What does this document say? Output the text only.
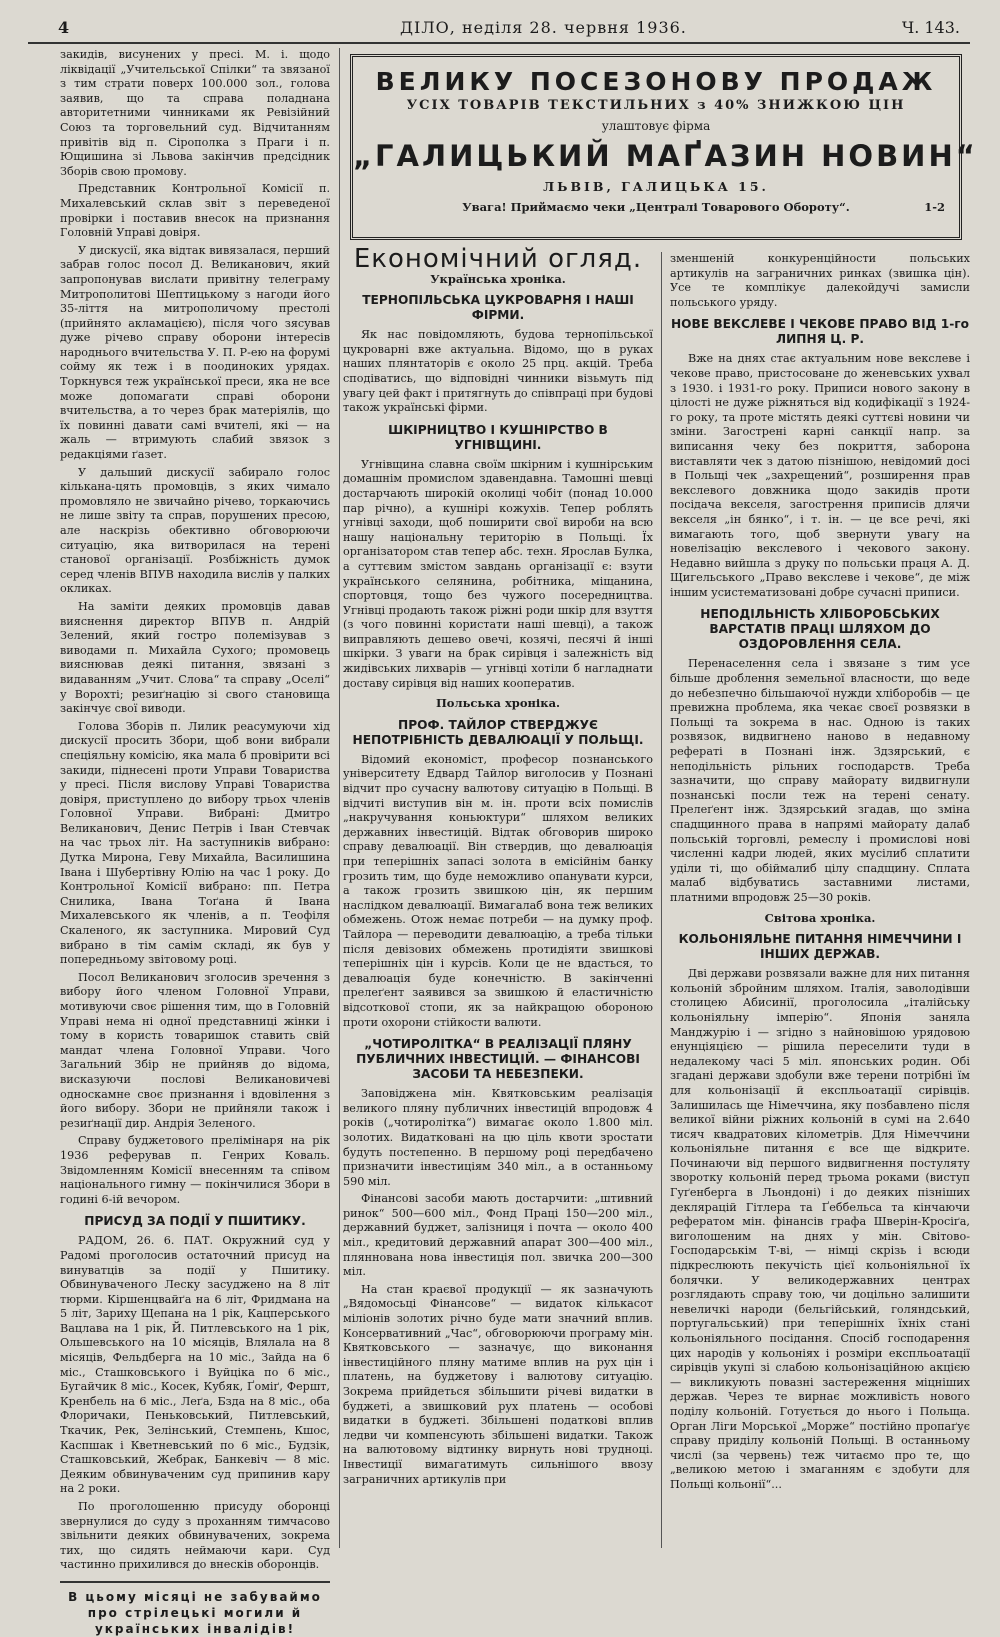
4	ДІЛО, неділя 28. червня 1936.	Ч. 143.

закидів, висунених у пресі. М. і. щодо ліквідації „Учительської Спілки“ та звязаної з тим страти поверх 100.000 зол., голова заявив, що та справа поладнана авторитетними чинниками як Ревізійний Союз та торговельний суд. Відчитанням привітів від п. Сірополка з Праги і п. Ющишина зі Львова закінчив предсідник Зборів свою промову.

Представник Контрольної Комісії п. Михалевський склав звіт з переведеної провірки і поставив внесок на признання Головній Управі довіря.

У дискусії, яка відтак вивязалася, перший забрав голос посол Д. Великанович, який запропонував вислати привітну телеграму Митрополитові Шептицькому з нагоди його 35-ліття на митрополичому престолі (прийнято акламацією), після чого зясував дуже річево справу оборони інтересів народнього вчительства У. П. Р-ею на форумі сойму як теж і в поодиноких урядах. Торкнувся теж української преси, яка не все може допомагати справі оборони вчительства, а то через брак матеріялів, що їх повинні давати самі вчителі, які — на жаль — втримують слабий звязок з редакціями ґазет.

У дальший дискусії забирало голос кількана-цять промовців, з яких чимало промовляло не звичайно річево, торкаючись не лише звіту та справ, порушених пресою, але наскрізь обективно обговорюючи ситуацію, яка витворилася на терені станової організації. Розбіжність думок серед членів ВПУВ находила вислів у палких окликах.

На заміти деяких промовців давав вияснення директор ВПУВ п. Андрій Зелений, який гостро полемізував з виводами п. Михайла Сухого; промовець вияснював деякі питання, звязані з видаванням „Учит. Слова“ та справу „Оселі“ у Ворохті; резиґнацію зі свого становища закінчує свої виводи.

Голова Зборів п. Лилик реасумуючи хід дискусії просить Збори, щоб вони вибрали спеціяльну комісію, яка мала б провірити всі закиди, піднесені проти Управи Товариства у пресі. Після вислову Управі Товариства довіря, приступлено до вибору трьох членів Головної Управи. Вибрані: Дмитро Великанович, Денис Петрів і Іван Стевчак на час трьох літ. На заступників вибрано: Дутка Мирона, Геву Михайла, Василишина Івана і Шубертівну Юлію на час 1 року. До Контрольної Комісії вибрано: пп. Петра Снилика, Івана Тоґана й Івана Михалевського як членів, а п. Теофіля Скаленого, як заступника. Мировий Суд вибрано в тім самім складі, як був у попередньому звітовому році.

Посол Великанович зголосив зречення з вибору його членом Головної Управи, мотивуючи своє рішення тим, що в Головній Управі нема ні одної представниці жінки і тому в користь товаришок ставить свій мандат члена Головної Управи. Чого Загальний Збір не прийняв до відома, висказуючи послові Великановичеві односкамне своє признання і вдовілення з його вибору. Збори не прийняли також і резиґнації дир. Андрія Зеленого.

Справу буджетового прелімінаря на рік 1936 реферував п. Генрих Коваль. Звідомленням Комісії внесенням та співом національного гимну — покінчилися Збори в годині 6-ій вечором.

ПРИСУД ЗА ПОДІЇ У ПШИТИКУ.

РАДОМ, 26. 6. ПАТ. Окружний суд у Радомі проголосив остаточний присуд на винуватців за події у Пшитику. Обвинуваченого Леску засуджено на 8 літ тюрми. Кіршенцвайґа на 6 літ, Фридмана на 5 літ, Зариху Щепана на 1 рік, Кацперського Вацлава на 1 рік, Й. Питлевського на 1 рік, Ольшевського на 10 місяців, Влялала на 8 місяців, Фельдберга на 10 міс., Зайда на 6 міс., Сташковського і Вуйціка по 6 міс., Бугайчик 8 міс., Косек, Кубяк, Ґоміґ, Фершт, Кренбель на 6 міс., Леґа, Бзда на 8 міс., оба Флоричаки, Пеньковський, Питлевський, Ткачик, Рек, Зелінський, Стемпень, Кшос, Каспшак і Кветневський по 6 міс., Будзік, Сташковський, Жебрак, Банкевіч — 8 міс. Деяким обвинуваченим суд припинив кару на 2 роки.

По проголошенню присуду оборонці звернулися до суду з проханням тимчасово звільнити деяких обвинувачених, зокрема тих, що сидять неймаючи кари. Суд частинно прихилився до внесків оборонців.

В цьому місяці не забуваймо про стрілецькі могили й українських інвалідів!
ВЕЛИКУ ПОСЕЗОНОВУ ПРОДАЖ
УСІХ ТОВАРІВ ТЕКСТИЛЬНИХ з 40% ЗНИЖКОЮ ЦІН
улаштовує фірма
„ГАЛИЦЬКИЙ МАҐАЗИН НОВИН“
ЛЬВІВ, ГАЛИЦЬКА 15.
Увага! Приймаємо чеки „Централі Товарового Обороту“.	1-2
Економічний огляд.
Українська хроніка.
ТЕРНОПІЛЬСЬКА ЦУКРОВАРНЯ І НАШІ ФІРМИ.

Як нас повідомляють, будова тернопільської цукроварні вже актуальна. Відомо, що в руках наших плянтаторів є около 25 прц. акцій. Треба сподіватись, що відповідні чинники візьмуть під увагу цей факт і притягнуть до співпраці при будові також українські фірми.

ШКІРНИЦТВО І КУШНІРСТВО В УГНІВЩИНІ.

Угнівщина славна своїм шкірним і кушнірським домашнім промислом здавендавна. Тамошні шевці достарчають широкій околиці чобіт (понад 10.000 пар річно), а кушнірі кожухів. Тепер роблять угнівці заходи, щоб поширити свої вироби на всю нашу національну територію в Польщі. Їх організатором став тепер абс. техн. Ярослав Булка, а суттєвим змістом завдань організації є: взути українського селянина, робітника, міщанина, спортовця, тощо без чужого посередництва. Угнівці продають також ріжні роди шкір для взуття (з чого повинні користати наші шевці), а також виправляють дешево овечі, козячі, песячі й інші шкірки. З уваги на брак сирівця і залежність від жидівських лихварів — угнівці хотіли б нагладнати доставу сирівця від наших кооператив.

Польська хроніка.
ПРОФ. ТАЙЛОР СТВЕРДЖУЄ НЕПОТРІБНІСТЬ ДЕВАЛЮАЦІЇ У ПОЛЬЩІ.

Відомий економіст, професор познанського університету Едвард Тайлор виголосив у Познані відчит про сучасну валютову ситуацію в Польщі. В відчиті виступив він м. ін. проти всіх помислів „накручування коньюктури“ шляхом великих державних інвестицій. Відтак обговорив широко справу девалюації. Він ствердив, що девалюація при теперішніх запасі золота в емісійнім банку грозить тим, що буде неможливо опанувати курси, а також грозить звишкою цін, як першим наслідком девалюації. Вимагалаб вона теж великих обмежень. Отож немає потреби — на думку проф. Тайлора — переводити девалюацію, а треба тільки після девізових обмежень протидіяти звишкові теперішніх цін і курсів. Коли це не вдасться, то девалюація буде конечністю. В закінченні прелеґент заявився за звишкою й еластичністю відсоткової стопи, як за найкращою обороною проти охорони стійкости валюти.

„ЧОТИРОЛІТКА“ В РЕАЛІЗАЦІЇ ПЛЯНУ ПУБЛИЧНИХ ІНВЕСТИЦІЙ. — ФІНАНСОВІ ЗАСОБИ ТА НЕБЕЗПЕКИ.

Заповіджена мін. Квятковським реалізація великого пляну публичних інвестицій впродовж 4 років („чотиролітка“) вимагає около 1.800 міл. золотих. Видатковані на цю ціль квоти зростати будуть постепенно. В першому році передбачено призначити інвестиціям 340 міл., а в останньому 590 міл.

Фінансові засоби мають достарчити: „штивний ринок“ 500—600 міл., Фонд Праці 150—200 міл., державний буджет, залізниця і почта — около 400 міл., кредитовий державний апарат 300—400 міл., пляннована нова інвестиція пол. звичка 200—300 міл.

На стан краєвої продукції — як зазначують „Вядомосьці Фінансове“ — видаток кількасот міліонів золотих річно буде мати значний вплив. Консервативний „Час“, обговорюючи програму мін. Квятковського — зазначує, що виконання інвестиційного пляну матиме вплив на рух цін і платень, на буджетову і валютову ситуацію. Зокрема прийдеться збільшити річеві видатки в буджеті, а звишковий рух платень — особові видатки в буджеті. Збільшені податкові вплив ледви чи компенсують збільшені видатки. Також на валютовому відтинку вирнуть нові трудноці. Інвестиції вимагатимуть сильнішого ввозу заграничних артикулів при

зменшеній конкуренційности польських артикулів на заграничних ринках (звишка цін). Усе те комплікує далекойдучі замисли польського уряду.

НОВЕ ВЕКСЛЕВЕ І ЧЕКОВЕ ПРАВО ВІД 1-го ЛИПНЯ Ц. Р.

Вже на днях стає актуальним нове векслеве і чекове право, пристосоване до женевських ухвал з 1930. і 1931-го року. Приписи нового закону в цілості не дуже ріжняться від кодифікації з 1924-го року, та проте містять деякі суттєві новини чи зміни. Загострені карні санкції напр. за виписання чеку без покриття, заборона виставляти чек з датою пізнішою, невідомий досі в Польщі чек „захрещений“, розширення прав векслевого довжника щодо закидів проти посідача векселя, загострення приписів длячи векселя „ін бянко“, і т. ін. — це все речі, які вимагають того, щоб звернути увагу на новелізацію векслевого і чекового закону. Недавно вийшла з друку по польськи праця А. Д. Щигельського „Право векслеве і чекове“, де між іншим усистематизовані добре сучасні приписи.

НЕПОДІЛЬНІСТЬ ХЛІБОРОБСЬКИХ ВАРСТАТІВ ПРАЦІ ШЛЯХОМ ДО ОЗДОРОВЛЕННЯ СЕЛА.

Перенаселення села і звязане з тим усе більше дроблення земельної власности, що веде до небезпечно більшаючої нужди хліборобів — це превижна проблема, яка чекає своєї розвязки в Польщі та зокрема в нас. Одною із таких розвязок, видвигнено наново в недавному рефераті в Познані інж. Здзярський, є неподільність рільних господарств. Треба зазначити, що справу майорату видвигнули познанські посли теж на терені сенату. Прелеґент інж. Здзярський згадав, що зміна спадщинного права в напрямі майорату далаб польській торговлі, ремеслу і промислові нові численні кадри людей, яких мусілиб сплатити уділи ті, що обіймалиб цілу спадщину. Сплата малаб відбуватись заставними листами, платними впродовж 25—30 років.

Світова хроніка.
КОЛЬОНІЯЛЬНЕ ПИТАННЯ НІМЕЧЧИНИ І ІНШИХ ДЕРЖАВ.

Дві держави розвязали важне для них питання кольоній збройним шляхом. Італія, заволодівши столицею Абисинії, проголосила „італійську кольоніяльну імперію“. Японія заняла Манджурію і — згідно з найновішою урядовою енунціяцією — рішила переселити туди в недалекому часі 5 міл. японських родин. Обі згадані держави здобули вже терени потрібні їм для кольонізації й експльоатації сирівців. Залишилась ще Німеччина, яку позбавлено після великої війни ріжних кольоній в сумі на 2.640 тисяч квадратових кілометрів. Для Німеччини кольоніяльне питання є все ще відкрите. Починаючи від першого видвигнення постуляту зворотку кольоній перед трьома роками (виступ Гуґенберга в Льондоні) і до деяких пізніших деклярацій Гітлера та Ґеббельса та кінчаючи рефератом мін. фінансів графа Шверін-Кросіґа, виголошеним на днях у мін. Світово-Господарськім Т-ві, — німці скрізь і всюди підкреслюють пекучість цієї кольоніяльної їх болячки. У великодержавних центрах розглядають справу тою, чи доцільно залишити невеличкі народи (бельгійський, голяндський, португальський) при теперішніх їхніх стані кольоніяльного посідання. Спосіб господарення цих народів у кольоніях і розміри експльоатації сирівців укупі зі слабою кольонізаційною акцією — викликують повазні застереження міцніших держав. Через те вирнає можливість нового поділу кольоній. Готується до нього і Польща. Орган Ліги Морської „Морже“ постійно пропаґує справу приділу кольоній Польщі. В останньому числі (за червень) теж читаємо про те, що „великою метою і змаганням є здобути для Польщі кольонії“...
